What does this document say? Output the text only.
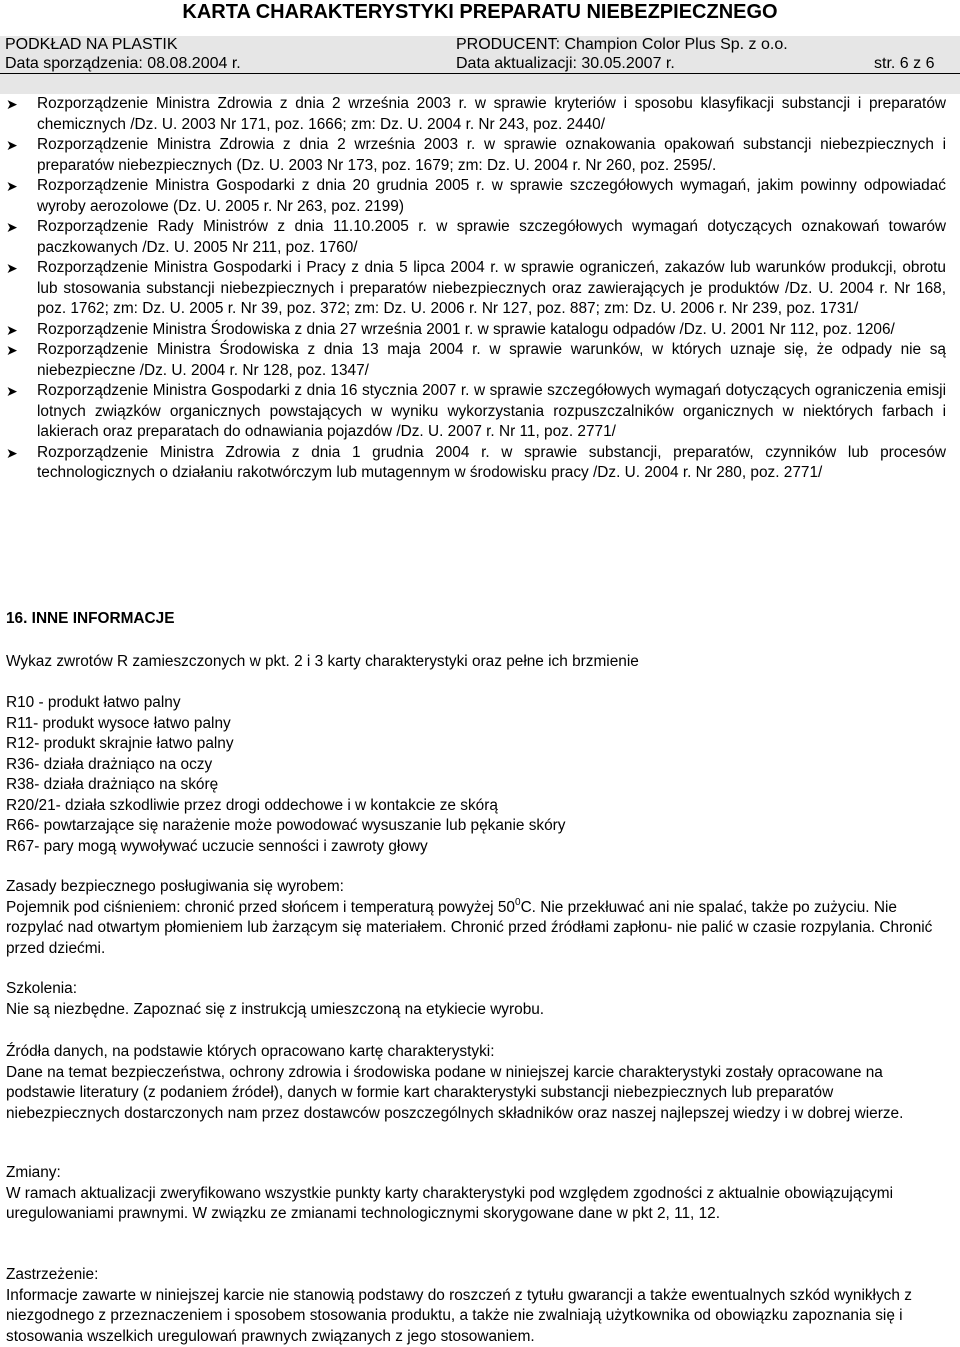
KARTA CHARAKTERYSTYKI PREPARATU NIEBEZPIECZNEGO
PODKŁAD NA PLASTIK	PRODUCENT: Champion Color Plus Sp. z o.o.
Data sporządzenia: 08.08.2004 r.	Data aktualizacji: 30.05.2007 r.	str. 6 z 6
➤ Rozporządzenie Ministra Zdrowia z dnia 2 września 2003 r. w sprawie kryteriów i sposobu klasyfikacji substancji i preparatów chemicznych /Dz. U. 2003 Nr 171, poz. 1666; zm: Dz. U. 2004 r. Nr 243, poz. 2440/
➤ Rozporządzenie Ministra Zdrowia z dnia 2 września 2003 r. w sprawie oznakowania opakowań substancji niebezpiecznych i preparatów niebezpiecznych (Dz. U. 2003 Nr 173, poz. 1679; zm: Dz. U. 2004 r. Nr 260, poz. 2595/.
➤ Rozporządzenie Ministra Gospodarki z dnia 20 grudnia 2005 r. w sprawie szczegółowych wymagań, jakim powinny odpowiadać wyroby aerozolowe (Dz. U. 2005 r. Nr 263, poz. 2199)
➤ Rozporządzenie Rady Ministrów z dnia 11.10.2005 r. w sprawie szczegółowych wymagań dotyczących oznakowań towarów paczkowanych /Dz. U. 2005 Nr 211, poz. 1760/
➤ Rozporządzenie Ministra Gospodarki i Pracy z dnia 5 lipca 2004 r. w sprawie ograniczeń, zakazów lub warunków produkcji, obrotu lub stosowania substancji niebezpiecznych i preparatów niebezpiecznych oraz zawierających je produktów /Dz. U. 2004 r. Nr 168, poz. 1762; zm: Dz. U. 2005 r. Nr 39, poz. 372; zm: Dz. U. 2006 r. Nr 127, poz. 887; zm: Dz. U. 2006 r. Nr 239, poz. 1731/
➤ Rozporządzenie Ministra Środowiska z dnia 27 września 2001 r. w sprawie katalogu odpadów /Dz. U. 2001 Nr 112, poz. 1206/
➤ Rozporządzenie Ministra Środowiska z dnia 13 maja 2004 r. w sprawie warunków, w których uznaje się, że odpady nie są niebezpieczne /Dz. U. 2004 r. Nr 128, poz. 1347/
➤ Rozporządzenie Ministra Gospodarki z dnia 16 stycznia 2007 r. w sprawie szczegółowych wymagań dotyczących ograniczenia emisji lotnych związków organicznych powstających w wyniku wykorzystania rozpuszczalników organicznych w niektórych farbach i lakierach oraz preparatach do odnawiania pojazdów /Dz. U. 2007 r. Nr 11, poz. 2771/
➤ Rozporządzenie Ministra Zdrowia z dnia 1 grudnia 2004 r. w sprawie substancji, preparatów, czynników lub procesów technologicznych o działaniu rakotwórczym lub mutagennym w środowisku pracy /Dz. U. 2004 r. Nr 280, poz. 2771/
16. INNE INFORMACJE

Wykaz zwrotów R zamieszczonych w pkt. 2 i 3 karty charakterystyki oraz pełne ich brzmienie

R10 - produkt łatwo palny

R11- produkt wysoce łatwo palny

R12- produkt skrajnie łatwo palny

R36- działa drażniąco na oczy

R38- działa drażniąco na skórę

R20/21- działa szkodliwie przez drogi oddechowe i w kontakcie ze skórą

R66- powtarzające się narażenie może powodować wysuszanie lub pękanie skóry

R67- pary mogą wywoływać uczucie senności i zawroty głowy

Zasady bezpiecznego posługiwania się wyrobem:

Pojemnik pod ciśnieniem: chronić przed słońcem i temperaturą powyżej $50^0C$. Nie przekłuwać ani nie spalać, także po zużyciu. Nie rozpylać nad otwartym płomieniem lub żarzącym się materiałem. Chronić przed źródłami zapłonu- nie palić w czasie rozpylania. Chronić przed dziećmi.

Szkolenia:

Nie są niezbędne. Zapoznać się z instrukcją umieszczoną na etykiecie wyrobu.

Źródła danych, na podstawie których opracowano kartę charakterystyki:

Dane na temat bezpieczeństwa, ochrony zdrowia i środowiska podane w niniejszej karcie charakterystyki zostały opracowane na podstawie literatury (z podaniem źródeł), danych w formie kart charakterystyki substancji niebezpiecznych lub preparatów niebezpiecznych dostarczonych nam przez dostawców poszczególnych składników oraz naszej najlepszej wiedzy i w dobrej wierze.

Zmiany:

W ramach aktualizacji zweryfikowano wszystkie punkty karty charakterystyki pod względem zgodności z aktualnie obowiązującymi uregulowaniami prawnymi. W związku ze zmianami technologicznymi skorygowane dane w pkt 2, 11, 12.

Zastrzeżenie:

Informacje zawarte w niniejszej karcie nie stanowią podstawy do roszczeń z tytułu gwarancji a także ewentualnych szkód wynikłych z niezgodnego z przeznaczeniem i sposobem stosowania produktu, a także nie zwalniają użytkownika od obowiązku zapoznania się i stosowania wszelkich uregulowań prawnych związanych z jego stosowaniem.
